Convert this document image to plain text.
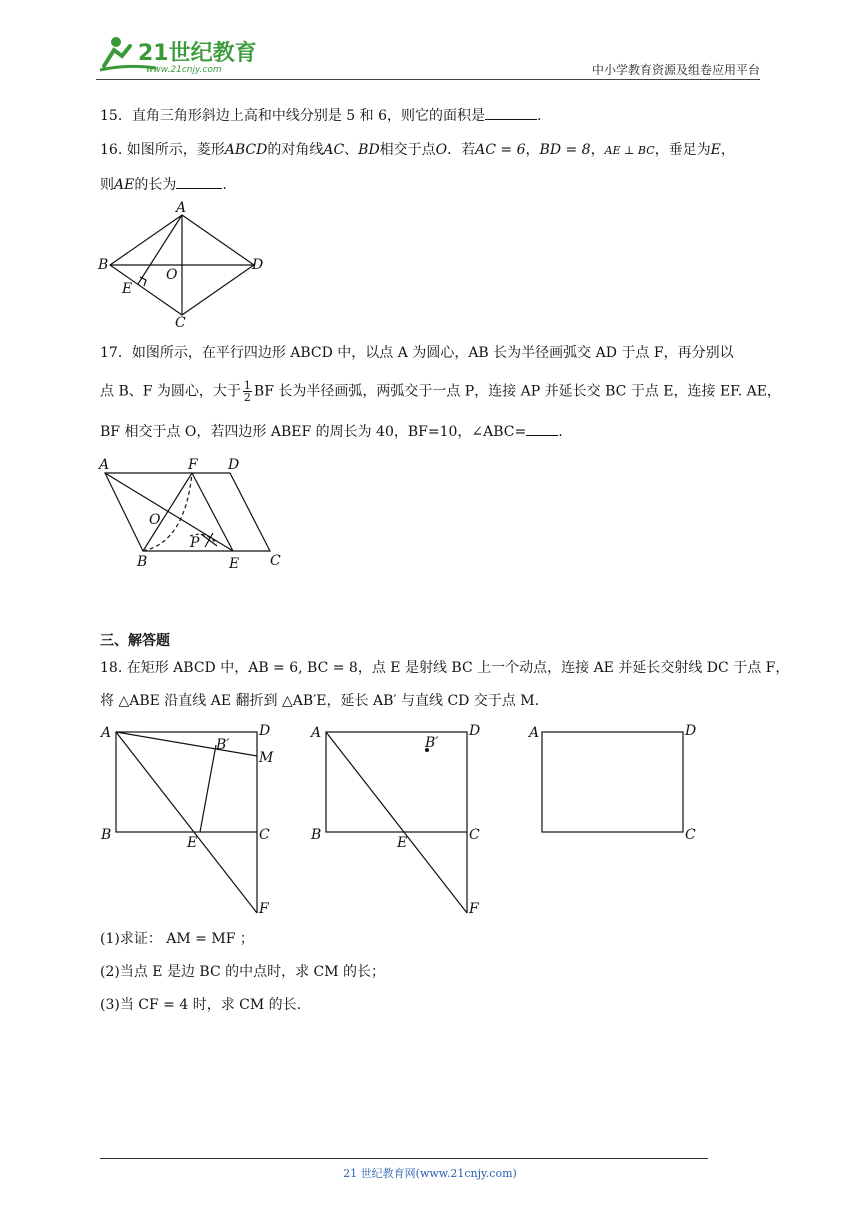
21世纪教育
www.21cnjy.com	中小学教育资源及组卷应用平台
15．直角三角形斜边上高和中线分别是 5 和 6，则它的面积是	.
16. 如图所示，菱形ABCD的对角线AC、BD相交于点O．若AC = 6，BD = 8，AE ⊥ BC，垂足为E，
则AE的长为	.
A
B
O
D
E
C
17．如图所示，在平行四边形 ABCD 中，以点 A 为圆心，AB 长为半径画弧交 AD 于点 F，再分别以
点 B、F 为圆心，大于 $\frac{1}{2}$ BF 长为半径画弧，两弧交于一点 P，连接 AP 并延长交 BC 于点 E，连接 EF. AE，
BF 相交于点 O，若四边形 ABEF 的周长为 40，BF=10，∠ABC= .
A	F D
O
P
B	E C
三、解答题
18. 在矩形 ABCD 中，AB = 6, BC = 8，点 E 是射线 BC 上一个动点，连接 AE 并延长交射线 DC 于点 F，
将 △ABE 沿直线 AE 翻折到 △AB′E，延长 AB′ 与直线 CD 交于点 M．
A	D
B′
M
B	E	C
F
A	D
B′
B	E	C
F
A	D
C
(1)求证： AM = MF ；
(2)当点 E 是边 BC 的中点时，求 CM 的长；
(3)当 CF = 4 时，求 CM 的长.
21 世纪教育网(www.21cnjy.com)
